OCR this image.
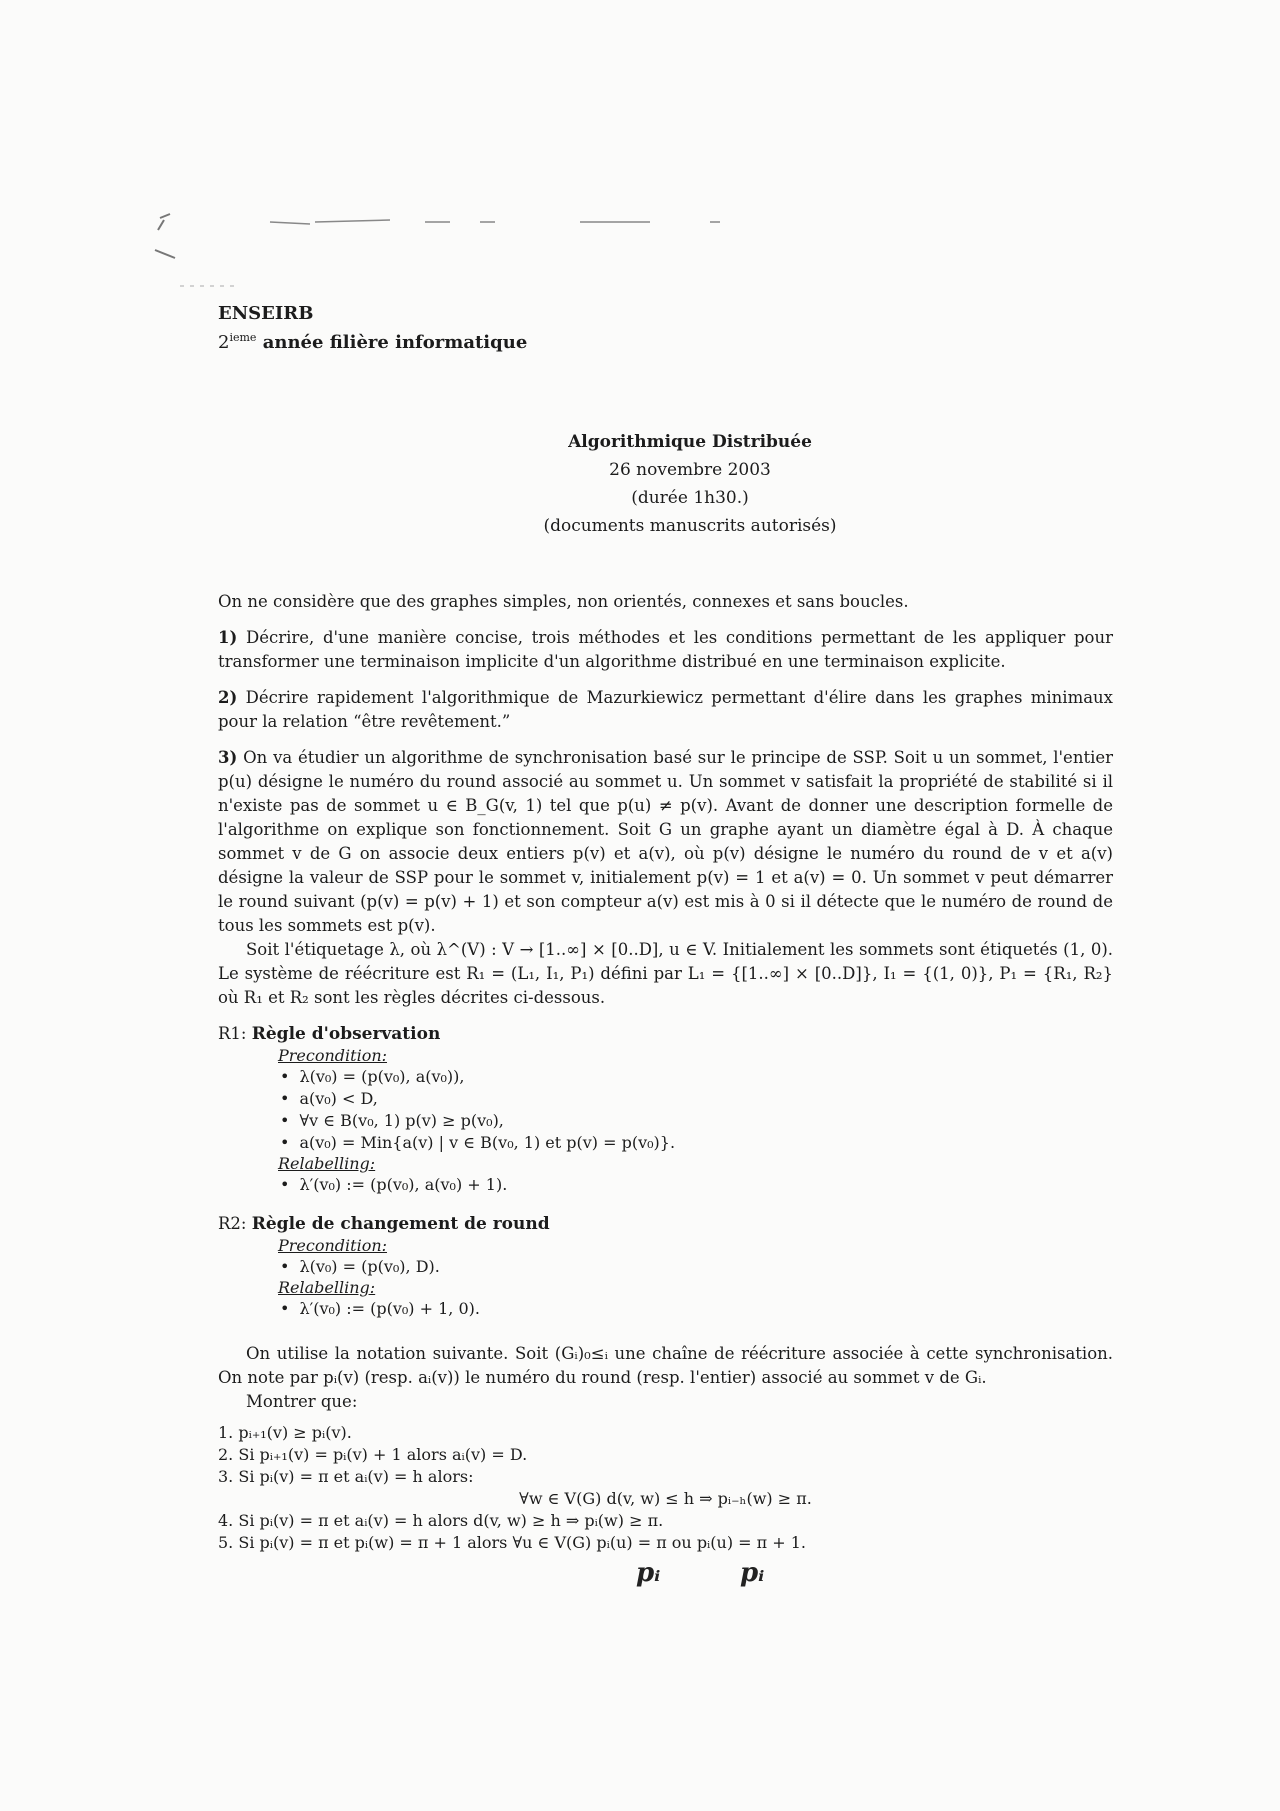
ENSEIRB
2ieme année filière informatique
Algorithmique Distribuée
26 novembre 2003
(durée 1h30.)
(documents manuscrits autorisés)

On ne considère que des graphes simples, non orientés, connexes et sans boucles.

1) Décrire, d'une manière concise, trois méthodes et les conditions permettant de les appliquer pour transformer une terminaison implicite d'un algorithme distribué en une terminaison explicite.

2) Décrire rapidement l'algorithmique de Mazurkiewicz permettant d'élire dans les graphes minimaux pour la relation “être revêtement.”

3) On va étudier un algorithme de synchronisation basé sur le principe de SSP. Soit u un sommet, l'entier p(u) désigne le numéro du round associé au sommet u. Un sommet v satisfait la propriété de stabilité si il n'existe pas de sommet u ∈ B_G(v, 1) tel que p(u) ≠ p(v). Avant de donner une description formelle de l'algorithme on explique son fonctionnement. Soit G un graphe ayant un diamètre égal à D. À chaque sommet v de G on associe deux entiers p(v) et a(v), où p(v) désigne le numéro du round de v et a(v) désigne la valeur de SSP pour le sommet v, initialement p(v) = 1 et a(v) = 0. Un sommet v peut démarrer le round suivant (p(v) = p(v) + 1) et son compteur a(v) est mis à 0 si il détecte que le numéro de round de tous les sommets est p(v).

Soit l'étiquetage λ, où λ^(V) : V → [1..∞] × [0..D], u ∈ V. Initialement les sommets sont étiquetés (1, 0). Le système de réécriture est R₁ = (L₁, I₁, P₁) défini par L₁ = {[1..∞] × [0..D]}, I₁ = {(1, 0)}, P₁ = {R₁, R₂} où R₁ et R₂ sont les règles décrites ci-dessous.

R1: Règle d'observation
Precondition:
• λ(v₀) = (p(v₀), a(v₀)),
• a(v₀) < D,
• ∀v ∈ B(v₀, 1) p(v) ≥ p(v₀),
• a(v₀) = Min{a(v) | v ∈ B(v₀, 1) et p(v) = p(v₀)}.
Relabelling:
• λ′(v₀) := (p(v₀), a(v₀) + 1).
R2: Règle de changement de round
Precondition:
• λ(v₀) = (p(v₀), D).
Relabelling:
• λ′(v₀) := (p(v₀) + 1, 0).

On utilise la notation suivante. Soit (Gᵢ)₀≤ᵢ une chaîne de réécriture associée à cette synchronisation. On note par pᵢ(v) (resp. aᵢ(v)) le numéro du round (resp. l'entier) associé au sommet v de Gᵢ.

Montrer que:

1. pᵢ₊₁(v) ≥ pᵢ(v).
2. Si pᵢ₊₁(v) = pᵢ(v) + 1 alors aᵢ(v) = D.
3. Si pᵢ(v) = π et aᵢ(v) = h alors:
∀w ∈ V(G) d(v, w) ≤ h ⇒ pᵢ₋ₕ(w) ≥ π.
4. Si pᵢ(v) = π et aᵢ(v) = h alors d(v, w) ≥ h ⇒ pᵢ(w) ≥ π.
5. Si pᵢ(v) = π et pᵢ(w) = π + 1 alors ∀u ∈ V(G) pᵢ(u) = π ou pᵢ(u) = π + 1.
pᵢ	pᵢ
